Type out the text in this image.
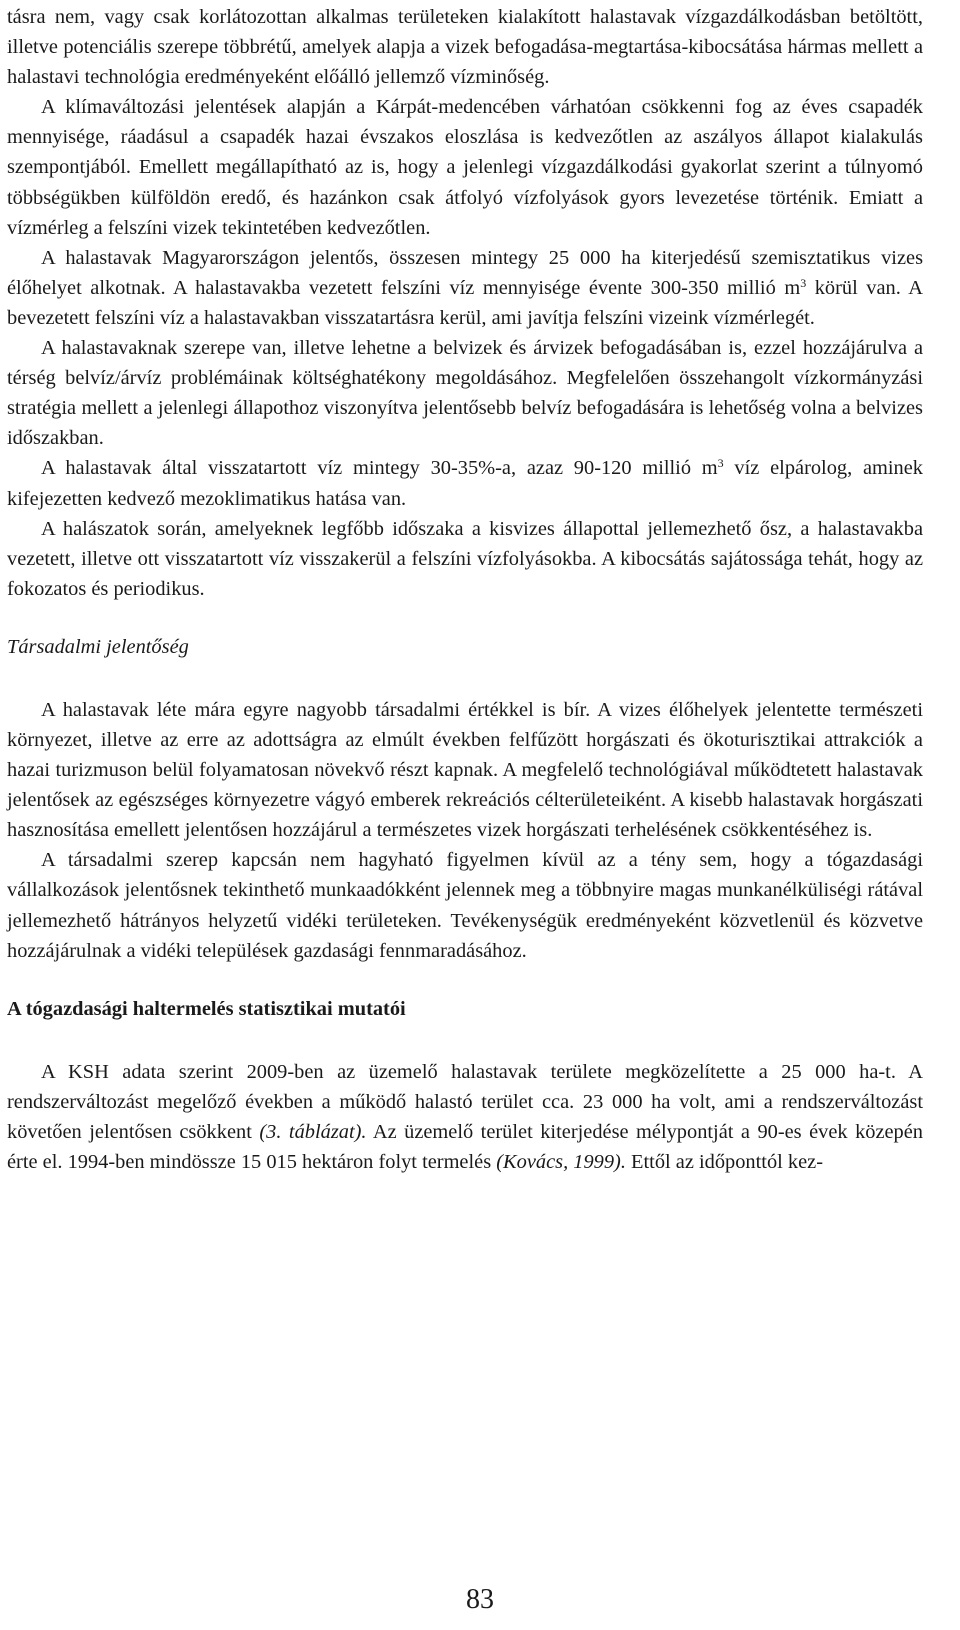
tásra nem, vagy csak korlátozottan alkalmas területeken kialakított halastavak vízgazdálkodásban betöltött, illetve potenciális szerepe többrétű, amelyek alapja a vizek befogadása-megtartása-kibocsátása hármas mellett a halastavi technológia eredményeként előálló jellemző vízminőség.

A klímaváltozási jelentések alapján a Kárpát-medencében várhatóan csökkenni fog az éves csapadék mennyisége, ráadásul a csapadék hazai évszakos eloszlása is kedvezőtlen az aszályos állapot kialakulás szempontjából. Emellett megállapítható az is, hogy a jelenlegi vízgazdálkodási gyakorlat szerint a túlnyomó többségükben külföldön eredő, és hazánkon csak átfolyó vízfolyások gyors levezetése történik. Emiatt a vízmérleg a felszíni vizek tekintetében kedvezőtlen.

A halastavak Magyarországon jelentős, összesen mintegy 25 000 ha kiterjedésű szemisztatikus vizes élőhelyet alkotnak. A halastavakba vezetett felszíni víz mennyisége évente 300-350 millió $m^3$ körül van. A bevezetett felszíni víz a halastavakban visszatartásra kerül, ami javítja felszíni vizeink vízmérlegét.

A halastavaknak szerepe van, illetve lehetne a belvizek és árvizek befogadásában is, ezzel hozzájárulva a térség belvíz/árvíz problémáinak költséghatékony megoldásához. Megfelelően összehangolt vízkormányzási stratégia mellett a jelenlegi állapothoz viszonyítva jelentősebb belvíz befogadására is lehetőség volna a belvizes időszakban.

A halastavak által visszatartott víz mintegy 30-35%-a, azaz 90-120 millió $m^3$ víz elpárolog, aminek kifejezetten kedvező mezoklimatikus hatása van.

A halászatok során, amelyeknek legfőbb időszaka a kisvizes állapottal jellemezhető ősz, a halastavakba vezetett, illetve ott visszatartott víz visszakerül a felszíni vízfolyásokba. A kibocsátás sajátossága tehát, hogy az fokozatos és periodikus.

Társadalmi jelentőség

A halastavak léte mára egyre nagyobb társadalmi értékkel is bír. A vizes élőhelyek jelentette természeti környezet, illetve az erre az adottságra az elmúlt években felfűzött horgászati és ökoturisztikai attrakciók a hazai turizmuson belül folyamatosan növekvő részt kapnak. A megfelelő technológiával működtetett halastavak jelentősek az egészséges környezetre vágyó emberek rekreációs célterületeiként. A kisebb halastavak horgászati hasznosítása emellett jelentősen hozzájárul a természetes vizek horgászati terhelésének csökkentéséhez is.

A társadalmi szerep kapcsán nem hagyható figyelmen kívül az a tény sem, hogy a tógazdasági vállalkozások jelentősnek tekinthető munkaadókként jelennek meg a többnyire magas munkanélküliségi rátával jellemezhető hátrányos helyzetű vidéki területeken. Tevékenységük eredményeként közvetlenül és közvetve hozzájárulnak a vidéki települések gazdasági fennmaradásához.

A tógazdasági haltermelés statisztikai mutatói

A KSH adata szerint 2009-ben az üzemelő halastavak területe megközelítette a 25 000 ha-t. A rendszerváltozást megelőző években a működő halastó terület cca. 23 000 ha volt, ami a rendszerváltozást követően jelentősen csökkent (3. táblázat). Az üzemelő terület kiterjedése mélypontját a 90-es évek közepén érte el. 1994-ben mindössze 15 015 hektáron folyt termelés (Kovács, 1999). Ettől az időponttól kez-

83
